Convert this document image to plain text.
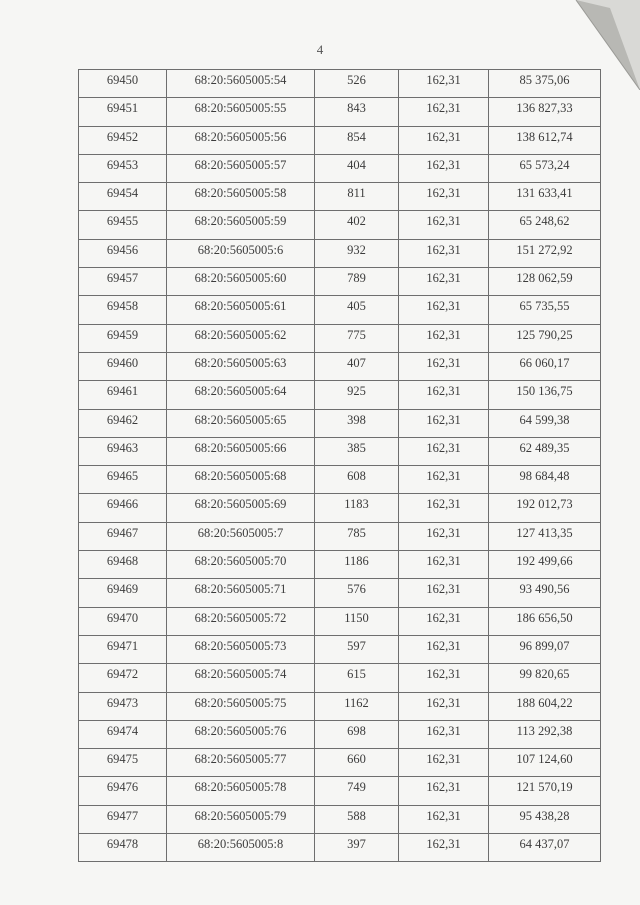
4
69450	68:20:5605005:54	526	162,31	85 375,06
69451	68:20:5605005:55	843	162,31	136 827,33
69452	68:20:5605005:56	854	162,31	138 612,74
69453	68:20:5605005:57	404	162,31	65 573,24
69454	68:20:5605005:58	811	162,31	131 633,41
69455	68:20:5605005:59	402	162,31	65 248,62
69456	68:20:5605005:6	932	162,31	151 272,92
69457	68:20:5605005:60	789	162,31	128 062,59
69458	68:20:5605005:61	405	162,31	65 735,55
69459	68:20:5605005:62	775	162,31	125 790,25
69460	68:20:5605005:63	407	162,31	66 060,17
69461	68:20:5605005:64	925	162,31	150 136,75
69462	68:20:5605005:65	398	162,31	64 599,38
69463	68:20:5605005:66	385	162,31	62 489,35
69465	68:20:5605005:68	608	162,31	98 684,48
69466	68:20:5605005:69	1183	162,31	192 012,73
69467	68:20:5605005:7	785	162,31	127 413,35
69468	68:20:5605005:70	1186	162,31	192 499,66
69469	68:20:5605005:71	576	162,31	93 490,56
69470	68:20:5605005:72	1150	162,31	186 656,50
69471	68:20:5605005:73	597	162,31	96 899,07
69472	68:20:5605005:74	615	162,31	99 820,65
69473	68:20:5605005:75	1162	162,31	188 604,22
69474	68:20:5605005:76	698	162,31	113 292,38
69475	68:20:5605005:77	660	162,31	107 124,60
69476	68:20:5605005:78	749	162,31	121 570,19
69477	68:20:5605005:79	588	162,31	95 438,28
69478	68:20:5605005:8	397	162,31	64 437,07
